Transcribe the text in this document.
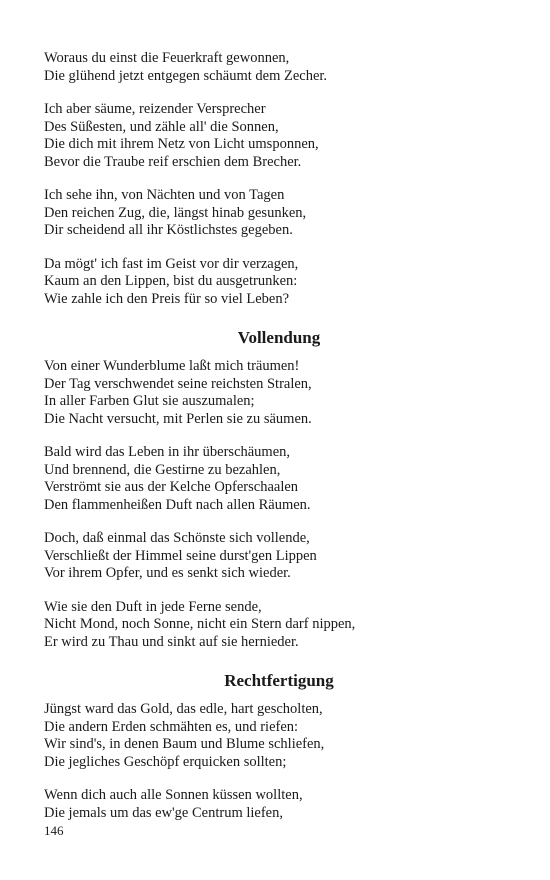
Woraus du einst die Feuerkraft gewonnen,
Die glühend jetzt entgegen schäumt dem Zecher.
Ich aber säume, reizender Versprecher
Des Süßesten, und zähle all' die Sonnen,
Die dich mit ihrem Netz von Licht umsponnen,
Bevor die Traube reif erschien dem Brecher.
Ich sehe ihn, von Nächten und von Tagen
Den reichen Zug, die, längst hinab gesunken,
Dir scheidend all ihr Köstlichstes gegeben.
Da mögt' ich fast im Geist vor dir verzagen,
Kaum an den Lippen, bist du ausgetrunken:
Wie zahle ich den Preis für so viel Leben?
Vollendung
Von einer Wunderblume laßt mich träumen!
Der Tag verschwendet seine reichsten Stralen,
In aller Farben Glut sie auszumalen;
Die Nacht versucht, mit Perlen sie zu säumen.
Bald wird das Leben in ihr überschäumen,
Und brennend, die Gestirne zu bezahlen,
Verströmt sie aus der Kelche Opferschaalen
Den flammenheißen Duft nach allen Räumen.
Doch, daß einmal das Schönste sich vollende,
Verschließt der Himmel seine durst'gen Lippen
Vor ihrem Opfer, und es senkt sich wieder.
Wie sie den Duft in jede Ferne sende,
Nicht Mond, noch Sonne, nicht ein Stern darf nippen,
Er wird zu Thau und sinkt auf sie hernieder.
Rechtfertigung
Jüngst ward das Gold, das edle, hart gescholten,
Die andern Erden schmähten es, und riefen:
Wir sind's, in denen Baum und Blume schliefen,
Die jegliches Geschöpf erquicken sollten;
Wenn dich auch alle Sonnen küssen wollten,
Die jemals um das ew'ge Centrum liefen,
146
